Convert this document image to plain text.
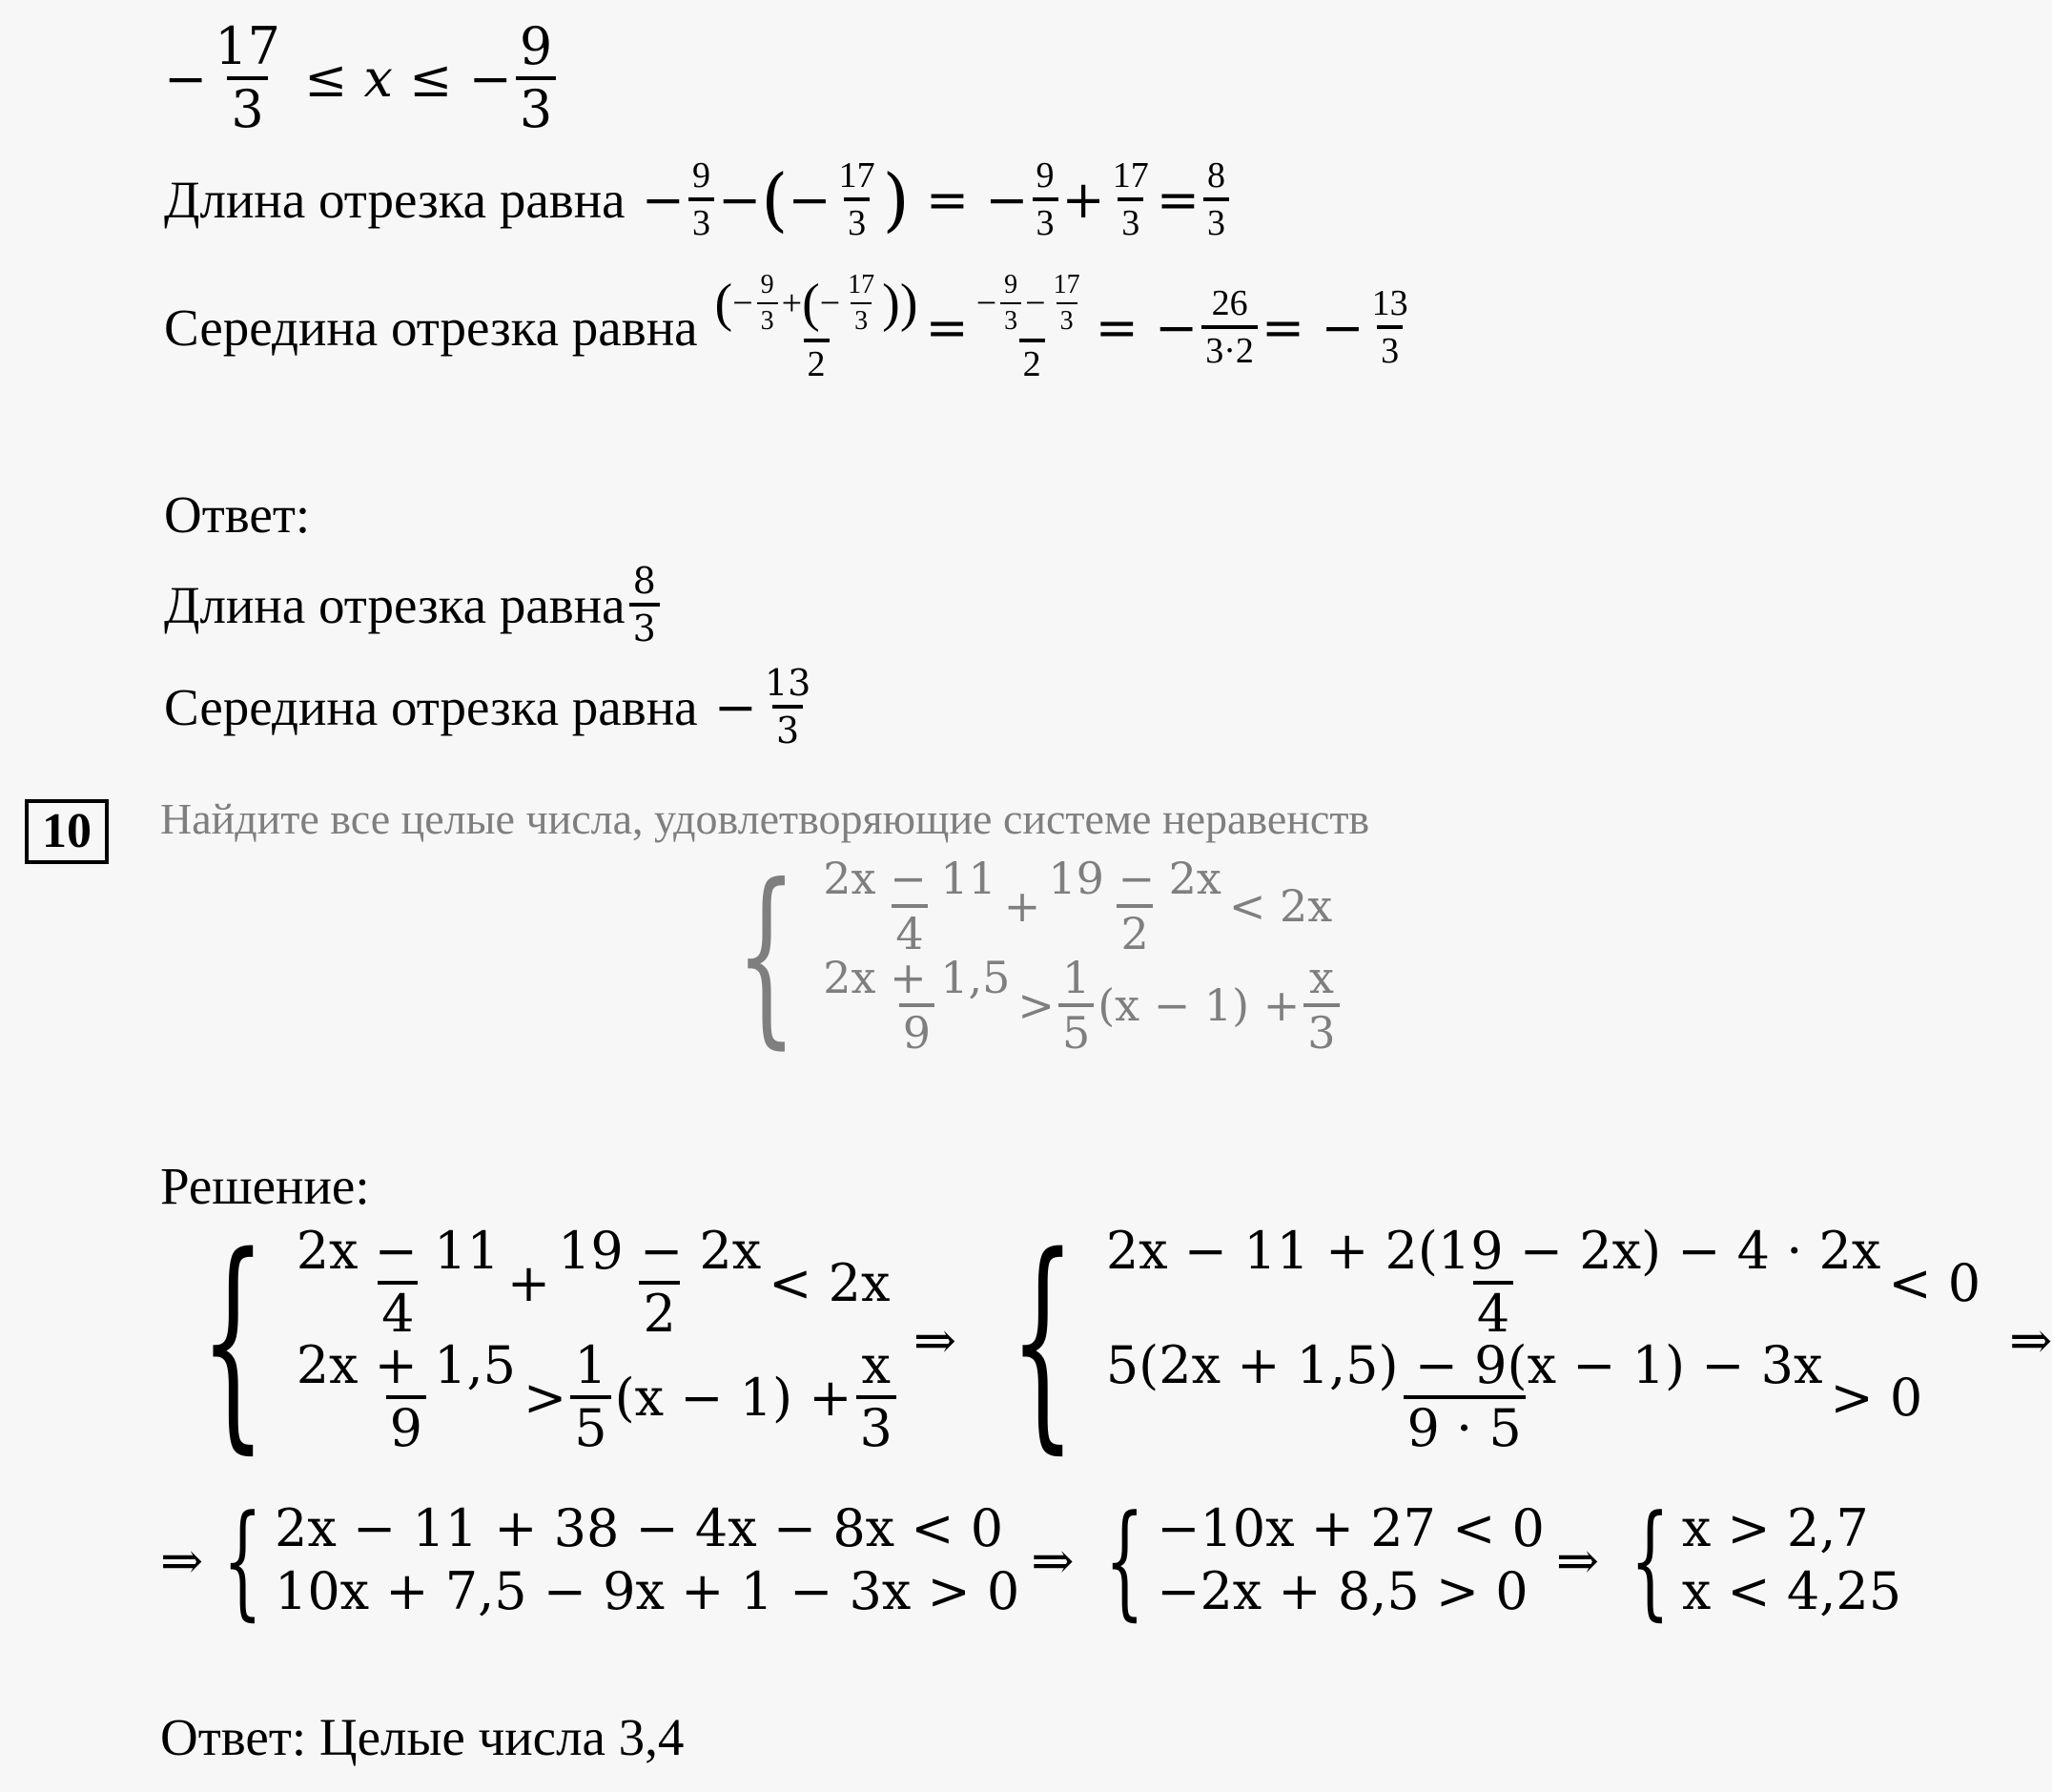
− $\frac{17}{3} \le x$ ≤ − $\frac{9}{3}$
Длина отрезка равна − $\frac{9}{3}$ − ( − $\frac{17}{3}$ ) = − $\frac{9}{3} + \frac{17}{3} = \frac{8}{3}$
Середина отрезка равна $\frac{( - \frac{9}{3} + ( - \frac{17}{3} ))}{2} = \frac{- \frac{9}{3} - \frac{17}{3}}{2}$ = − $\frac{26}{3\cdot 2}$ = − $\frac{13}{3}$
Ответ:
Длина отрезка равна $\frac{8}{3}$
Середина отрезка равна − $\frac{13}{3}$
10	Найдите все целые числа, удовлетворяющие системе неравенств
{ $\frac{2x - 11}{4} + \frac{19 - 2x}{2} < 2x$
$\frac{2x + 1,5}{9} > \frac{1}{5} (x - 1) + \frac{x}{3}$
Решение:
{ $\frac{2x - 11}{4} + \frac{19 - 2x}{2} < 2x$
$\frac{2x + 1,5}{9} > \frac{1}{5} (x - 1) + \frac{x}{3}$ ⇒ { $\frac{2x - 11 + 2(19 - 2x) - 4 \cdot 2x}{4} < 0$
$\frac{5(2x + 1,5) - 9(x - 1) - 3x}{9 \cdot 5} > 0$
⇒
⇒ { 2x − 11 + 38 − 4x − 8x < 0
10x + 7,5 − 9x + 1 − 3x > 0
⇒ { −10x + 27 < 0
−2x + 8,5 > 0
⇒ { x > 2,7
x < 4,25
Ответ: Целые числа 3,4
